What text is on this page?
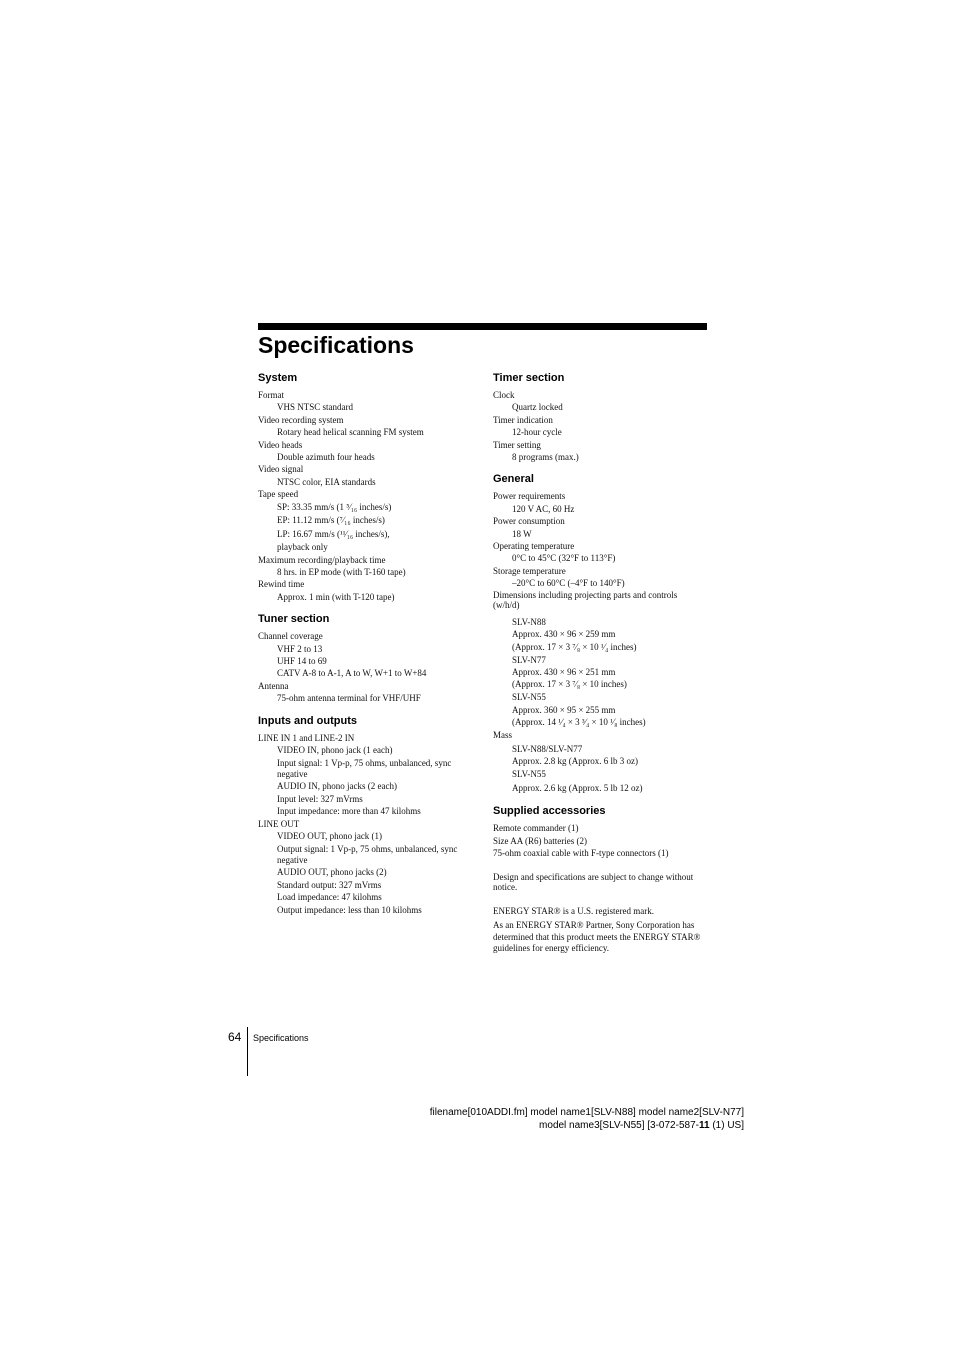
Specifications
System
Format
VHS NTSC standard
Video recording system
Rotary head helical scanning FM system
Video heads
Double azimuth four heads
Video signal
NTSC color, EIA standards
Tape speed
SP: 33.35 mm/s (1 ⁵⁄₁₆ inches/s)
EP: 11.12 mm/s (⁷⁄₁₆ inches/s)
LP: 16.67 mm/s (¹¹⁄₁₆ inches/s),
playback only
Maximum recording/playback time
8 hrs. in EP mode (with T-160 tape)
Rewind time
Approx. 1 min (with T-120 tape)
Tuner section
Channel coverage
VHF 2 to 13
UHF 14 to 69
CATV A-8 to A-1, A to W, W+1 to W+84
Antenna
75-ohm antenna terminal for VHF/UHF
Inputs and outputs
LINE IN 1 and LINE-2 IN
VIDEO IN, phono jack (1 each)
Input signal: 1 Vp-p, 75 ohms, unbalanced, sync negative
AUDIO IN, phono jacks (2 each)
Input level: 327 mVrms
Input impedance: more than 47 kilohms
LINE OUT
VIDEO OUT, phono jack (1)
Output signal: 1 Vp-p, 75 ohms, unbalanced, sync negative
AUDIO OUT, phono jacks (2)
Standard output: 327 mVrms
Load impedance: 47 kilohms
Output impedance: less than 10 kilohms
Timer section
Clock
Quartz locked
Timer indication
12-hour cycle
Timer setting
8 programs (max.)
General
Power requirements
120 V AC, 60 Hz
Power consumption
18 W
Operating temperature
0°C to 45°C (32°F to 113°F)
Storage temperature
–20°C to 60°C (–4°F to 140°F)
Dimensions including projecting parts and controls (w/h/d)
SLV-N88
Approx. 430 × 96 × 259 mm
(Approx. 17 × 3 ⁷⁄₈ × 10 ¹⁄₄ inches)
SLV-N77
Approx. 430 × 96 × 251 mm
(Approx. 17 × 3 ⁷⁄₈ × 10 inches)
SLV-N55
Approx. 360 × 95 × 255 mm
(Approx. 14 ¹⁄₄ × 3 ³⁄₄ × 10 ¹⁄₈ inches)
Mass
SLV-N88/SLV-N77
Approx. 2.8 kg (Approx. 6 lb 3 oz)
SLV-N55
Approx. 2.6 kg (Approx. 5 lb 12 oz)
Supplied accessories
Remote commander (1)
Size AA (R6) batteries (2)
75-ohm coaxial cable with F-type connectors (1)
Design and specifications are subject to change without notice.
ENERGY STAR® is a U.S. registered mark.
As an ENERGY STAR® Partner, Sony Corporation has determined that this product meets the ENERGY STAR® guidelines for energy efficiency.
64 Specifications
filename[010ADDI.fm] model name1[SLV-N88] model name2[SLV-N77]
model name3[SLV-N55] [3-072-587-11 (1) US]
